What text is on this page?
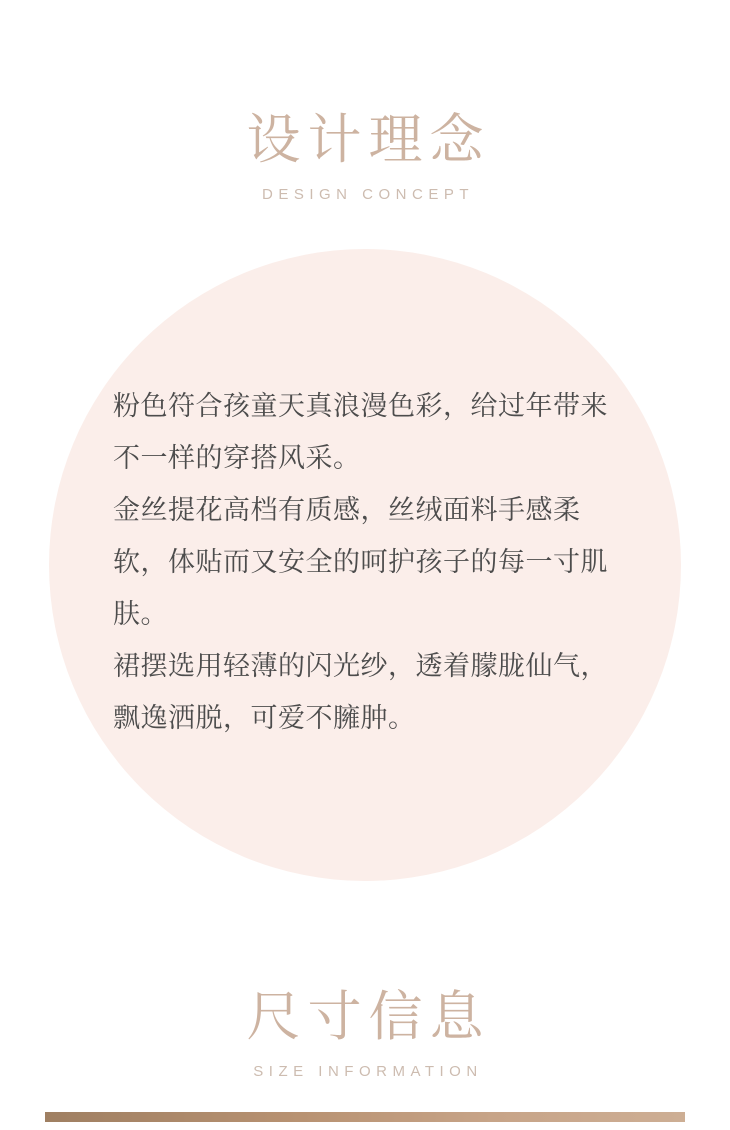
设计理念

DESIGN CONCEPT

粉色符合孩童天真浪漫色彩，给过年带来不一样的穿搭风采。

金丝提花高档有质感，丝绒面料手感柔软，体贴而又安全的呵护孩子的每一寸肌肤。

裙摆选用轻薄的闪光纱，透着朦胧仙气，飘逸洒脱，可爱不臃肿。

尺寸信息

SIZE INFORMATION
